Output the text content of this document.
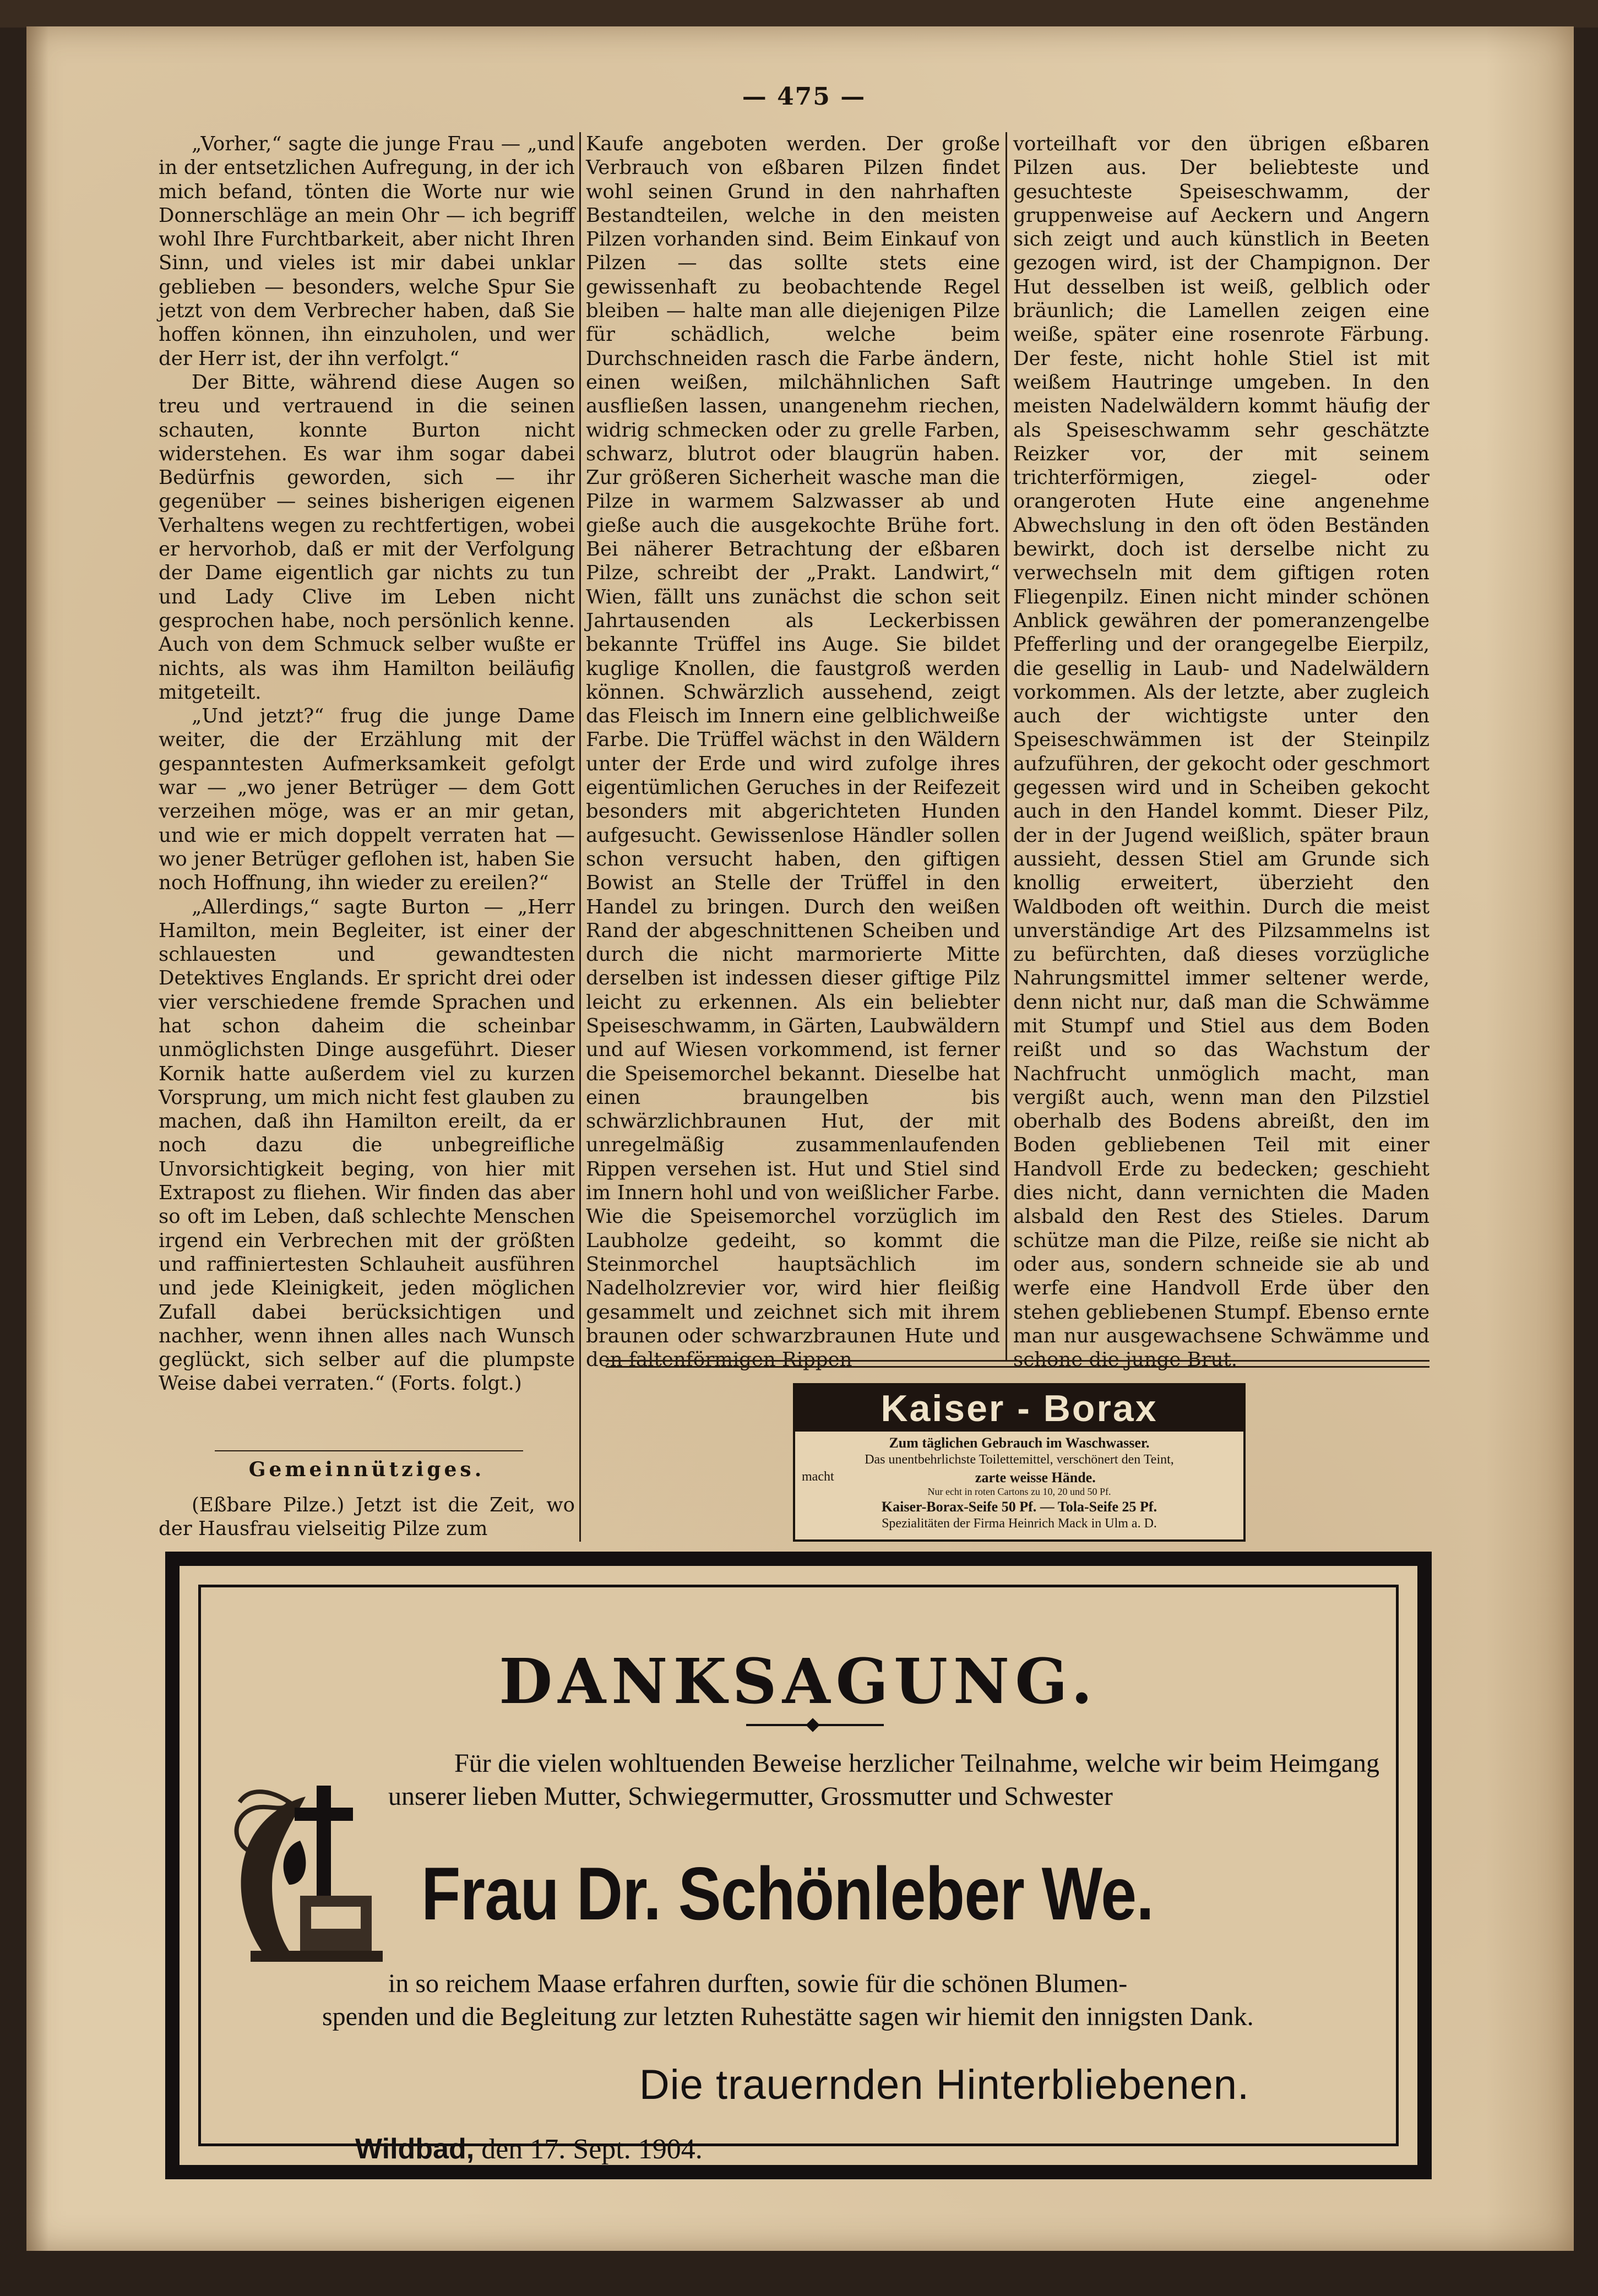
— 475 —

„Vorher,“ sagte die junge Frau — „und in der entsetzlichen Aufregung, in der ich mich befand, tönten die Worte nur wie Donnerschläge an mein Ohr — ich begriff wohl Ihre Furchtbarkeit, aber nicht Ihren Sinn, und vieles ist mir dabei unklar geblieben — besonders, welche Spur Sie jetzt von dem Verbrecher haben, daß Sie hoffen können, ihn einzuholen, und wer der Herr ist, der ihn verfolgt.“

Der Bitte, während diese Augen so treu und vertrauend in die seinen schauten, konnte Burton nicht widerstehen. Es war ihm sogar dabei Bedürfnis geworden, sich — ihr gegenüber — seines bisherigen eigenen Verhaltens wegen zu rechtfertigen, wobei er hervorhob, daß er mit der Verfolgung der Dame eigentlich gar nichts zu tun und Lady Clive im Leben nicht gesprochen habe, noch persönlich kenne. Auch von dem Schmuck selber wußte er nichts, als was ihm Hamilton beiläufig mitgeteilt.

„Und jetzt?“ frug die junge Dame weiter, die der Erzählung mit der gespanntesten Aufmerksamkeit gefolgt war — „wo jener Betrüger — dem Gott verzeihen möge, was er an mir getan, und wie er mich doppelt verraten hat — wo jener Betrüger geflohen ist, haben Sie noch Hoffnung, ihn wieder zu ereilen?“

„Allerdings,“ sagte Burton — „Herr Hamilton, mein Begleiter, ist einer der schlauesten und gewandtesten Detektives Englands. Er spricht drei oder vier verschiedene fremde Sprachen und hat schon daheim die scheinbar unmöglichsten Dinge ausgeführt. Dieser Kornik hatte außerdem viel zu kurzen Vorsprung, um mich nicht fest glauben zu machen, daß ihn Hamilton ereilt, da er noch dazu die unbegreifliche Unvorsichtigkeit beging, von hier mit Extrapost zu fliehen. Wir finden das aber so oft im Leben, daß schlechte Menschen irgend ein Verbrechen mit der größten und raffiniertesten Schlauheit ausführen und jede Kleinigkeit, jeden möglichen Zufall dabei berücksichtigen und nachher, wenn ihnen alles nach Wunsch geglückt, sich selber auf die plumpste Weise dabei verraten.“ (Forts. folgt.)

Gemeinnütziges.

(Eßbare Pilze.) Jetzt ist die Zeit, wo der Hausfrau vielseitig Pilze zum

Kaufe angeboten werden. Der große Verbrauch von eßbaren Pilzen findet wohl seinen Grund in den nahrhaften Bestandteilen, welche in den meisten Pilzen vorhanden sind. Beim Einkauf von Pilzen — das sollte stets eine gewissenhaft zu beobachtende Regel bleiben — halte man alle diejenigen Pilze für schädlich, welche beim Durchschneiden rasch die Farbe ändern, einen weißen, milchähnlichen Saft ausfließen lassen, unangenehm riechen, widrig schmecken oder zu grelle Farben, schwarz, blutrot oder blaugrün haben. Zur größeren Sicherheit wasche man die Pilze in warmem Salzwasser ab und gieße auch die ausgekochte Brühe fort. Bei näherer Betrachtung der eßbaren Pilze, schreibt der „Prakt. Landwirt,“ Wien, fällt uns zunächst die schon seit Jahrtausenden als Leckerbissen bekannte Trüffel ins Auge. Sie bildet kuglige Knollen, die faustgroß werden können. Schwärzlich aussehend, zeigt das Fleisch im Innern eine gelblichweiße Farbe. Die Trüffel wächst in den Wäldern unter der Erde und wird zufolge ihres eigentümlichen Geruches in der Reifezeit besonders mit abgerichteten Hunden aufgesucht. Gewissenlose Händler sollen schon versucht haben, den giftigen Bowist an Stelle der Trüffel in den Handel zu bringen. Durch den weißen Rand der abgeschnittenen Scheiben und durch die nicht marmorierte Mitte derselben ist indessen dieser giftige Pilz leicht zu erkennen. Als ein beliebter Speiseschwamm, in Gärten, Laubwäldern und auf Wiesen vorkommend, ist ferner die Speisemorchel bekannt. Dieselbe hat einen braungelben bis schwärzlichbraunen Hut, der mit unregelmäßig zusammenlaufenden Rippen versehen ist. Hut und Stiel sind im Innern hohl und von weißlicher Farbe. Wie die Speisemorchel vorzüglich im Laubholze gedeiht, so kommt die Steinmorchel hauptsächlich im Nadelholzrevier vor, wird hier fleißig gesammelt und zeichnet sich mit ihrem braunen oder schwarzbraunen Hute und den faltenförmigen Rippen

vorteilhaft vor den übrigen eßbaren Pilzen aus. Der beliebteste und gesuchteste Speiseschwamm, der gruppenweise auf Aeckern und Angern sich zeigt und auch künstlich in Beeten gezogen wird, ist der Champignon. Der Hut desselben ist weiß, gelblich oder bräunlich; die Lamellen zeigen eine weiße, später eine rosenrote Färbung. Der feste, nicht hohle Stiel ist mit weißem Hautringe umgeben. In den meisten Nadelwäldern kommt häufig der als Speiseschwamm sehr geschätzte Reizker vor, der mit seinem trichterförmigen, ziegel- oder orangeroten Hute eine angenehme Abwechslung in den oft öden Beständen bewirkt, doch ist derselbe nicht zu verwechseln mit dem giftigen roten Fliegenpilz. Einen nicht minder schönen Anblick gewähren der pomeranzengelbe Pfefferling und der orangegelbe Eierpilz, die gesellig in Laub- und Nadelwäldern vorkommen. Als der letzte, aber zugleich auch der wichtigste unter den Speiseschwämmen ist der Steinpilz aufzuführen, der gekocht oder geschmort gegessen wird und in Scheiben gekocht auch in den Handel kommt. Dieser Pilz, der in der Jugend weißlich, später braun aussieht, dessen Stiel am Grunde sich knollig erweitert, überzieht den Waldboden oft weithin. Durch die meist unverständige Art des Pilzsammelns ist zu befürchten, daß dieses vorzügliche Nahrungsmittel immer seltener werde, denn nicht nur, daß man die Schwämme mit Stumpf und Stiel aus dem Boden reißt und so das Wachstum der Nachfrucht unmöglich macht, man vergißt auch, wenn man den Pilzstiel oberhalb des Bodens abreißt, den im Boden gebliebenen Teil mit einer Handvoll Erde zu bedecken; geschieht dies nicht, dann vernichten die Maden alsbald den Rest des Stieles. Darum schütze man die Pilze, reiße sie nicht ab oder aus, sondern schneide sie ab und werfe eine Handvoll Erde über den stehen gebliebenen Stumpf. Ebenso ernte man nur ausgewachsene Schwämme und schone die junge Brut.

Kaiser - Borax
Zum täglichen Gebrauch im Waschwasser.
Das unentbehrlichste Toilettemittel, verschönert den Teint,
macht	zarte weisse Hände.
Nur echt in roten Cartons zu 10, 20 und 50 Pf.
Kaiser-Borax-Seife 50 Pf. — Tola-Seife 25 Pf.
Spezialitäten der Firma Heinrich Mack in Ulm a. D.
DANKSAGUNG.
Für die vielen wohltuenden Beweise herzlicher Teilnahme, welche wir beim Heimgang unserer lieben Mutter, Schwiegermutter, Grossmutter und Schwester
Frau Dr. Schönleber We.
in so reichem Maase erfahren durften, sowie für die schönen Blumen-
spenden und die Begleitung zur letzten Ruhestätte sagen wir hiemit den innigsten Dank.
Die trauernden Hinterbliebenen.
Wildbad, den 17. Sept. 1904.
